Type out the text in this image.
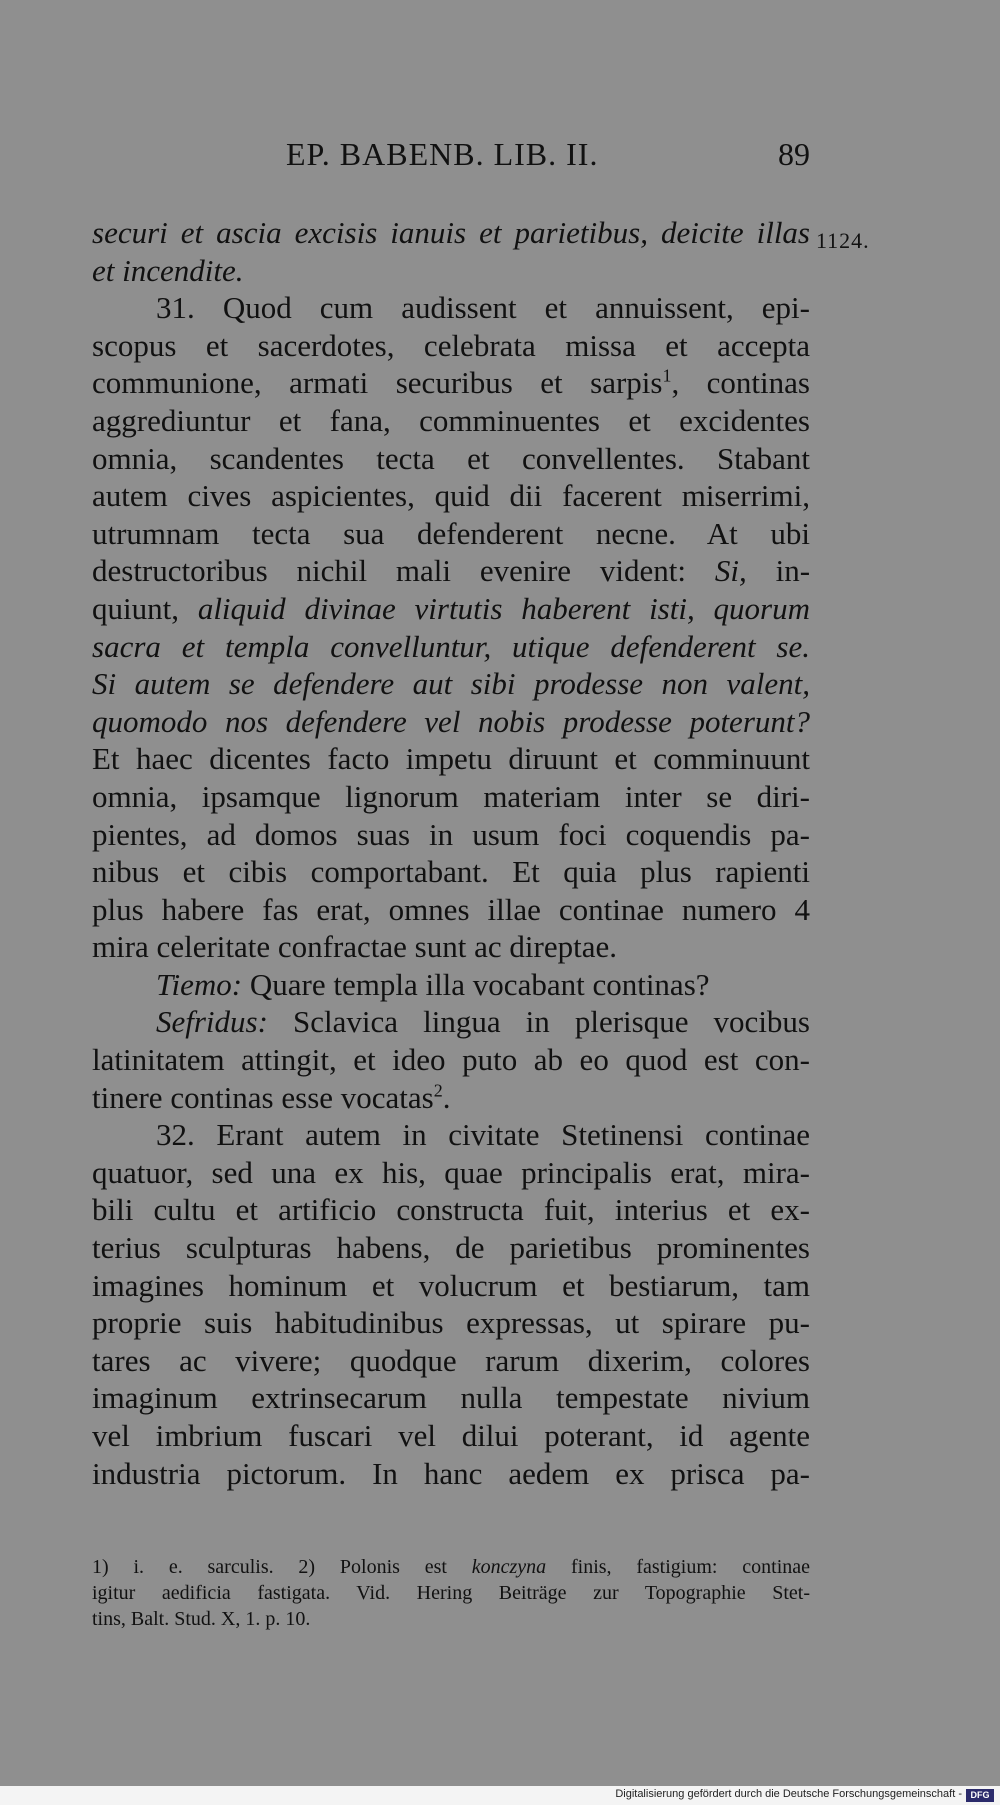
EP. BABENB. LIB. II.	89
1124.
securi et ascia excisis ianuis et parietibus, deicite illas
et incendite.
31. Quod cum audissent et annuissent, epi-
scopus et sacerdotes, celebrata missa et accepta
communione, armati securibus et sarpis$^1$, continas
aggrediuntur et fana, comminuentes et excidentes
omnia, scandentes tecta et convellentes. Stabant
autem cives aspicientes, quid dii facerent miserrimi,
utrumnam tecta sua defenderent necne. At ubi
destructoribus nichil mali evenire vident: Si, in-
quiunt, aliquid divinae virtutis haberent isti, quorum
sacra et templa convelluntur, utique defenderent se.
Si autem se defendere aut sibi prodesse non valent,
quomodo nos defendere vel nobis prodesse poterunt?
Et haec dicentes facto impetu diruunt et comminuunt
omnia, ipsamque lignorum materiam inter se diri-
pientes, ad domos suas in usum foci coquendis pa-
nibus et cibis comportabant. Et quia plus rapienti
plus habere fas erat, omnes illae continae numero 4
mira celeritate confractae sunt ac direptae.
Tiemo: Quare templa illa vocabant continas?
Sefridus: Sclavica lingua in plerisque vocibus
latinitatem attingit, et ideo puto ab eo quod est con-
tinere continas esse vocatas$^2$.
32. Erant autem in civitate Stetinensi continae
quatuor, sed una ex his, quae principalis erat, mira-
bili cultu et artificio constructa fuit, interius et ex-
terius sculpturas habens, de parietibus prominentes
imagines hominum et volucrum et bestiarum, tam
proprie suis habitudinibus expressas, ut spirare pu-
tares ac vivere; quodque rarum dixerim, colores
imaginum extrinsecarum nulla tempestate nivium
vel imbrium fuscari vel dilui poterant, id agente
industria pictorum. In hanc aedem ex prisca pa-
1) i. e. sarculis. 2) Polonis est konczyna finis, fastigium: continae
igitur aedificia fastigata. Vid. Hering Beiträge zur Topographie Stet-
tins, Balt. Stud. X, 1. p. 10.
Digitalisierung gefördert durch die Deutsche Forschungsgemeinschaft - DFG
